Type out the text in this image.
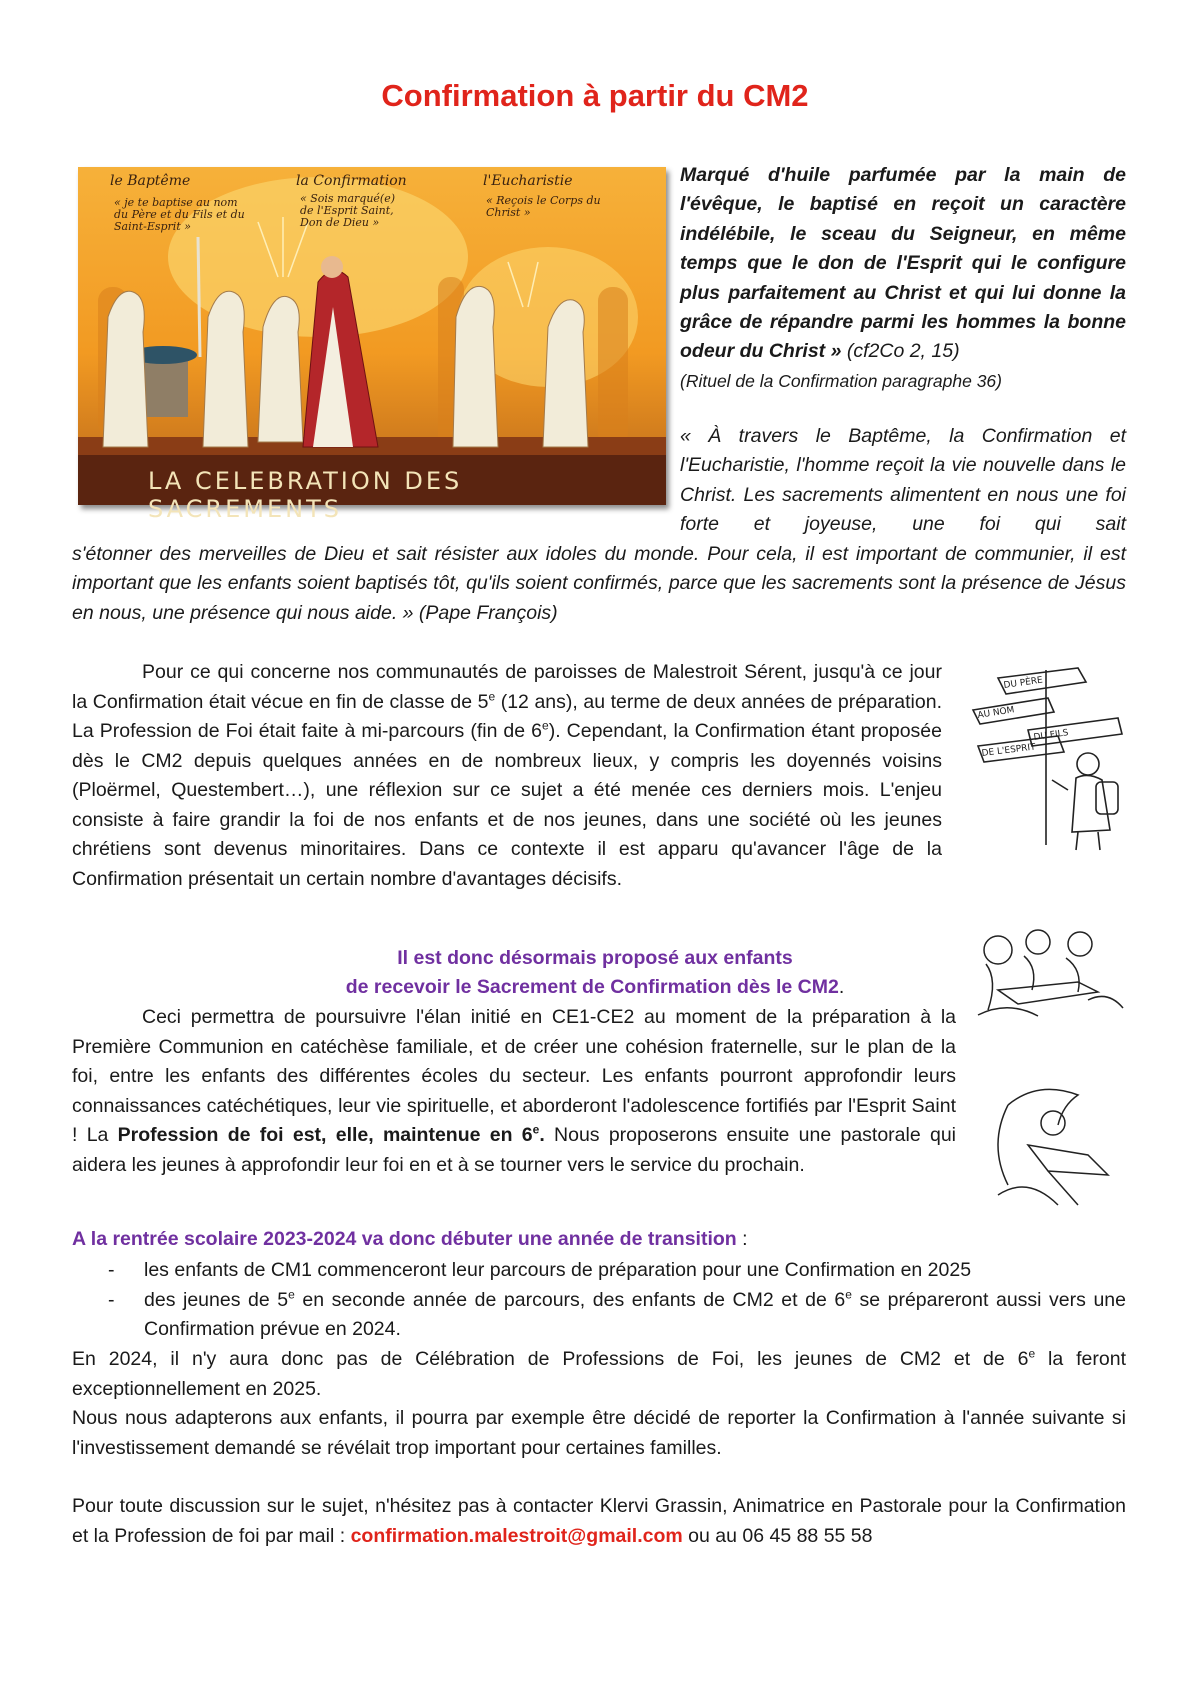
Confirmation à partir du CM2
le Baptême
« je te baptise au nom du Père et du Fils et du Saint-Esprit »
la Confirmation
« Sois marqué(e) de l'Esprit Saint, Don de Dieu »
l'Eucharistie
« Reçois le Corps du Christ »
LA CELEBRATION DES SACREMENTS
Marqué d'huile parfumée par la main de l'évêque, le baptisé en reçoit un caractère indélébile, le sceau du Seigneur, en même temps que le don de l'Esprit qui le configure plus parfaitement au Christ et qui lui donne la grâce de répandre parmi les hommes la bonne odeur du Christ » (cf2Co 2, 15)
(Rituel de la Confirmation paragraphe 36)
« À travers le Baptême, la Confirmation et l'Eucharistie, l'homme reçoit la vie nouvelle dans le Christ. Les sacrements alimentent en nous une foi forte et joyeuse, une foi qui sait
s'étonner des merveilles de Dieu et sait résister aux idoles du monde. Pour cela, il est important de communier, il est important que les enfants soient baptisés tôt, qu'ils soient confirmés, parce que les sacrements sont la présence de Jésus en nous, une présence qui nous aide. » (Pape François)
Pour ce qui concerne nos communautés de paroisses de Malestroit Sérent, jusqu'à ce jour la Confirmation était vécue en fin de classe de 5e (12 ans), au terme de deux années de préparation. La Profession de Foi était faite à mi-parcours (fin de 6e). Cependant, la Confirmation étant proposée dès le CM2 depuis quelques années en de nombreux lieux, y compris les doyennés voisins (Ploërmel, Questembert…), une réflexion sur ce sujet a été menée ces derniers mois. L'enjeu consiste à faire grandir la foi de nos enfants et de nos jeunes, dans une société où les jeunes chrétiens sont devenus minoritaires. Dans ce contexte il est apparu qu'avancer l'âge de la Confirmation présentait un certain nombre d'avantages décisifs.
DU PÈRE
AU NOM
DU FILS
DE L'ESPRIT
Il est donc désormais proposé aux enfants
de recevoir le Sacrement de Confirmation dès le CM2.
Ceci permettra de poursuivre l'élan initié en CE1-CE2 au moment de la préparation à la Première Communion en catéchèse familiale, et de créer une cohésion fraternelle, sur le plan de la foi, entre les enfants des différentes écoles du secteur. Les enfants pourront approfondir leurs connaissances catéchétiques, leur vie spirituelle, et aborderont l'adolescence fortifiés par l'Esprit Saint ! La Profession de foi est, elle, maintenue en 6e. Nous proposerons ensuite une pastorale qui aidera les jeunes à approfondir leur foi en et à se tourner vers le service du prochain.
A la rentrée scolaire 2023-2024 va donc débuter une année de transition :
- les enfants de CM1 commenceront leur parcours de préparation pour une Confirmation en 2025
- des jeunes de 5e en seconde année de parcours, des enfants de CM2 et de 6e se prépareront aussi vers une Confirmation prévue en 2024.
En 2024, il n'y aura donc pas de Célébration de Professions de Foi, les jeunes de CM2 et de 6e la feront exceptionnellement en 2025.
Nous nous adapterons aux enfants, il pourra par exemple être décidé de reporter la Confirmation à l'année suivante si l'investissement demandé se révélait trop important pour certaines familles.
Pour toute discussion sur le sujet, n'hésitez pas à contacter Klervi Grassin, Animatrice en Pastorale pour la Confirmation et la Profession de foi par mail : confirmation.malestroit@gmail.com ou au 06 45 88 55 58
